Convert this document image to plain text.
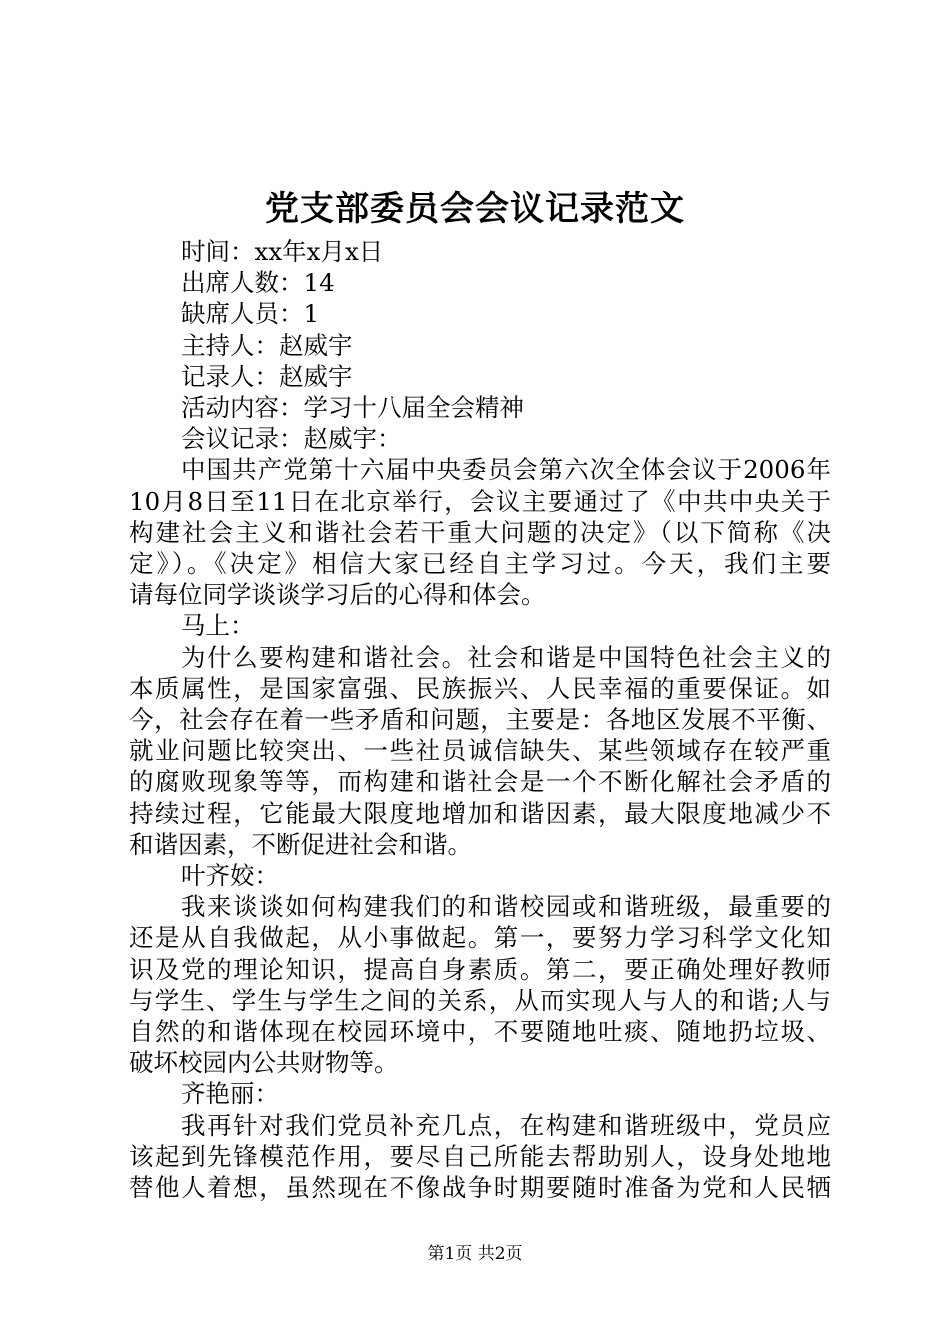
党支部委员会会议记录范文
时间：xx年x月x日
出席人数：14
缺席人员：1
主持人：赵威宇
记录人：赵威宇
活动内容：学习十八届全会精神
会议记录：赵威宇：
中国共产党第十六届中央委员会第六次全体会议于2006年
10月8日至11日在北京举行，会议主要通过了《中共中央关于
构建社会主义和谐社会若干重大问题的决定》（以下简称《决
定》）。《决定》相信大家已经自主学习过。今天，我们主要
请每位同学谈谈学习后的心得和体会。
马上：
为什么要构建和谐社会。社会和谐是中国特色社会主义的
本质属性，是国家富强、民族振兴、人民幸福的重要保证。如
今，社会存在着一些矛盾和问题，主要是：各地区发展不平衡、
就业问题比较突出、一些社员诚信缺失、某些领域存在较严重
的腐败现象等等，而构建和谐社会是一个不断化解社会矛盾的
持续过程，它能最大限度地增加和谐因素，最大限度地减少不
和谐因素，不断促进社会和谐。
叶齐姣：
我来谈谈如何构建我们的和谐校园或和谐班级，最重要的
还是从自我做起，从小事做起。第一，要努力学习科学文化知
识及党的理论知识，提高自身素质。第二，要正确处理好教师
与学生、学生与学生之间的关系，从而实现人与人的和谐;人与
自然的和谐体现在校园环境中，不要随地吐痰、随地扔垃圾、
破坏校园内公共财物等。
齐艳丽：
我再针对我们党员补充几点，在构建和谐班级中，党员应
该起到先锋模范作用，要尽自己所能去帮助别人，设身处地地
替他人着想，虽然现在不像战争时期要随时准备为党和人民牺
第1页 共2页
